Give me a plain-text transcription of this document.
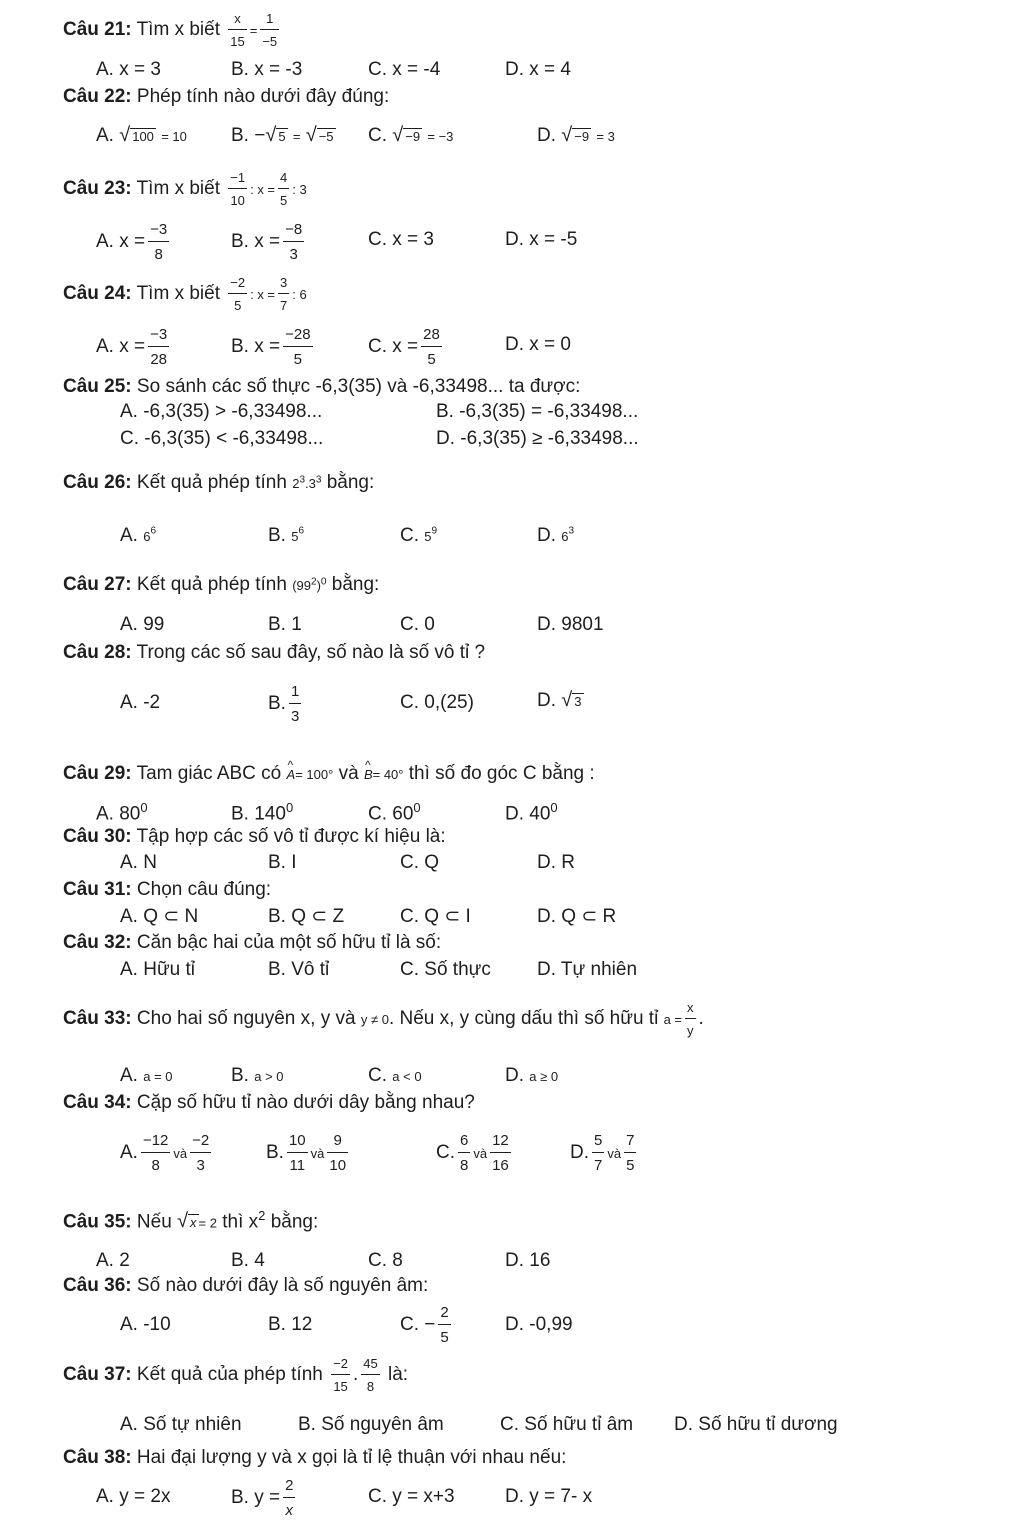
Câu 21: Tìm x biết $\frac{x}{15} = \frac{1}{-5}$
A. x = 3	B. x = -3	C. x = -4	D. x = 4
Câu 22: Phép tính nào dưới đây đúng:
A. √ 100 = 10 B. −√ 5 = √ −5 C. √ −9 = −3	D. √ −9 = 3
Câu 23: Tìm x biết $\frac{-1}{10}$ : $x = \frac{4}{5}$ : 3
A. $x = \frac{-3}{8}$	B. $x = \frac{-8}{3}$	C. x = 3	D. x = -5
Câu 24: Tìm x biết $\frac{-2}{5}$ : $x = \frac{3}{7}$ : 6
A. $x = \frac{-3}{28}$	B. $x = \frac{-28}{5}$	C. $x = \frac{28}{5}$	D. x = 0
Câu 25: So sánh các số thực -6,3(35) và -6,33498... ta được:
A. -6,3(35) > -6,33498...	B. -6,3(35) = -6,33498...
C. -6,3(35) < -6,33498...	D. -6,3(35) ≥ -6,33498...
Câu 26: Kết quả phép tính $2^3.3^3$ bằng:
A. $6^6$	B. $5^6$	C. $5^9$	D. $6^3$
Câu 27: Kết quả phép tính $(99^2)^0$ bằng:
A. 99	B. 1	C. 0	D. 9801
Câu 28: Trong các số sau đây, số nào là số vô tỉ ?
A. -2	B. $\frac{1}{3}$	C. 0,(25)	D. √ 3
Câu 29: Tam giác ABC có ^ A= 100° và ^ B= 40° thì số đo góc C bằng :
A. $80^0$	B. $140^0$	C. $60^0$	D. $40^0$
Câu 30: Tập hợp các số vô tỉ được kí hiệu là:
A. N	B. I	C. Q	D. R
Câu 31: Chọn câu đúng:
A. Q ⊂ N	B. Q ⊂ Z	C. Q ⊂ I	D. Q ⊂ R
Câu 32: Căn bậc hai của một số hữu tỉ là số:
A. Hữu tỉ	B. Vô tỉ	C. Số thực D. Tự nhiên
Câu 33: Cho hai số nguyên x, y và y ≠ 0. Nếu x, y cùng dấu thì số hữu tỉ $a = \frac{x}{y}$ .
A. a = 0	B. a > 0	C. a < 0	D. a ≥ 0
Câu 34: Cặp số hữu tỉ nào dưới dây bằng nhau?
A. $\frac{-12}{8}$ và $\frac{-2}{3}$	B. $\frac{10}{11}$ và $\frac{9}{10}$	C. $\frac{6}{8}$ và $\frac{12}{16}$	D. $\frac{5}{7}$ và $\frac{7}{5}$
Câu 35: Nếu √ x = 2 thì $x^2$ bằng:
A. 2	B. 4	C. 8	D. 16
Câu 36: Số nào dưới đây là số nguyên âm:
A. -10	B. 12	C. − $\frac{2}{5}$	D. -0,99
Câu 37: Kết quả của phép tính $\frac{-2}{15}$ . $\frac{45}{8}$ là:
A. Số tự nhiên	B. Số nguyên âm	C. Số hữu tỉ âm D. Số hữu tỉ dương
Câu 38: Hai đại lượng y và x gọi là tỉ lệ thuận với nhau nếu:
A. y = 2x	B. $y = \frac{2}{x}$	C. y = x+3	D. y = 7- x
